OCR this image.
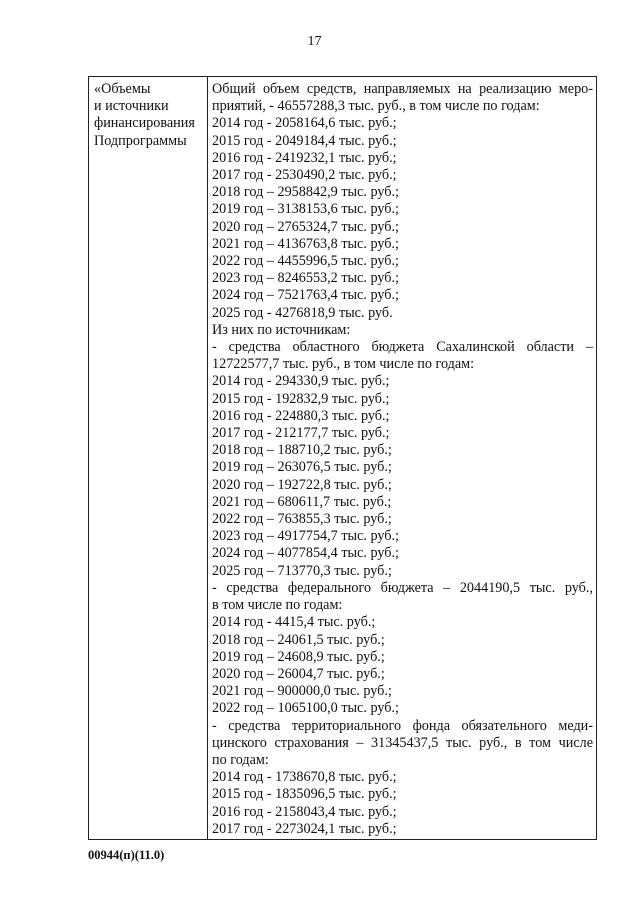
17
«Объемы
и источники
финансирования
Подпрограммы
Общий объем средств, направляемых на реализацию меро-
приятий, - 46557288,3 тыс. руб., в том числе по годам:
2014 год - 2058164,6 тыс. руб.;
2015 год - 2049184,4 тыс. руб.;
2016 год - 2419232,1 тыс. руб.;
2017 год - 2530490,2 тыс. руб.;
2018 год – 2958842,9 тыс. руб.;
2019 год – 3138153,6 тыс. руб.;
2020 год – 2765324,7 тыс. руб.;
2021 год – 4136763,8 тыс. руб.;
2022 год – 4455996,5 тыс. руб.;
2023 год – 8246553,2 тыс. руб.;
2024 год – 7521763,4 тыс. руб.;
2025 год - 4276818,9 тыс. руб.
Из них по источникам:
- средства областного бюджета Сахалинской области –
12722577,7 тыс. руб., в том числе по годам:
2014 год - 294330,9 тыс. руб.;
2015 год - 192832,9 тыс. руб.;
2016 год - 224880,3 тыс. руб.;
2017 год - 212177,7 тыс. руб.;
2018 год – 188710,2 тыс. руб.;
2019 год – 263076,5 тыс. руб.;
2020 год – 192722,8 тыс. руб.;
2021 год – 680611,7 тыс. руб.;
2022 год – 763855,3 тыс. руб.;
2023 год – 4917754,7 тыс. руб.;
2024 год – 4077854,4 тыс. руб.;
2025 год – 713770,3 тыс. руб.;
- средства федерального бюджета – 2044190,5 тыс. руб.,
в том числе по годам:
2014 год - 4415,4 тыс. руб.;
2018 год – 24061,5 тыс. руб.;
2019 год – 24608,9 тыс. руб.;
2020 год – 26004,7 тыс. руб.;
2021 год – 900000,0 тыс. руб.;
2022 год – 1065100,0 тыс. руб.;
- средства территориального фонда обязательного меди-
цинского страхования – 31345437,5 тыс. руб., в том числе
по годам:
2014 год - 1738670,8 тыс. руб.;
2015 год - 1835096,5 тыс. руб.;
2016 год - 2158043,4 тыс. руб.;
2017 год - 2273024,1 тыс. руб.;
00944(п)(11.0)
